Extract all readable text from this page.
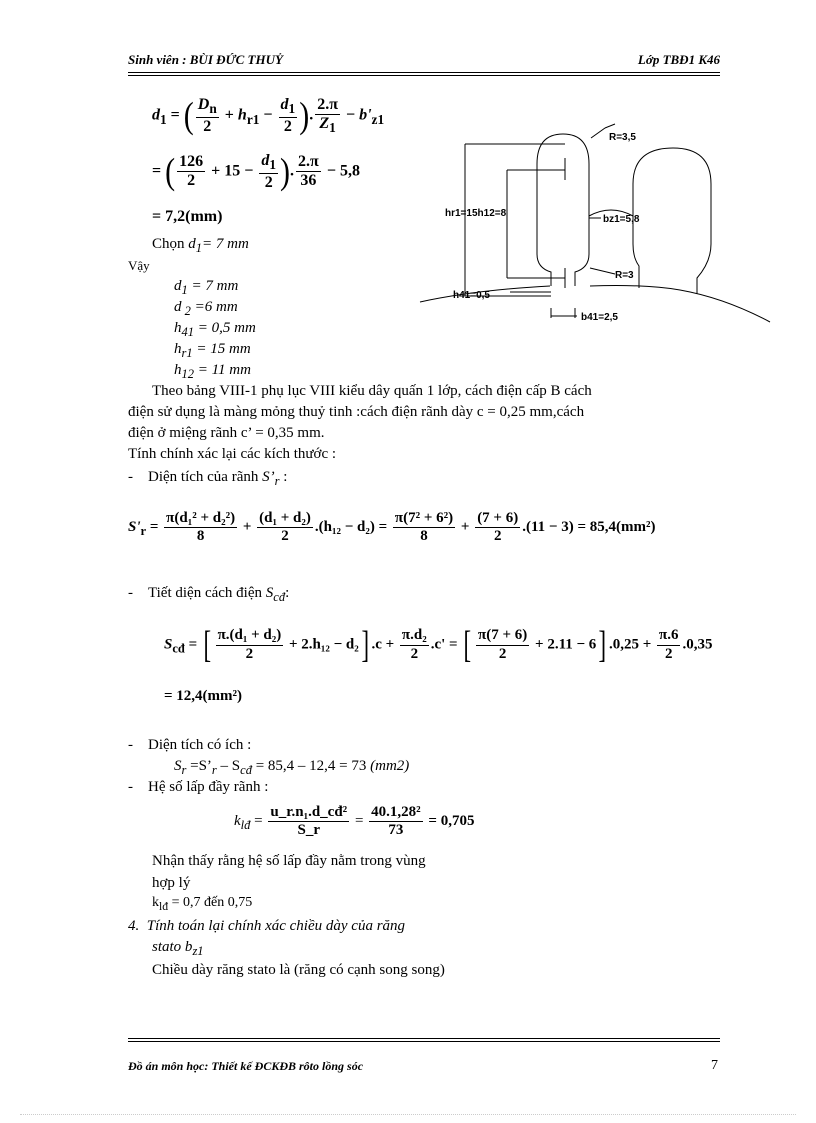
Sinh viên : BÙI ĐỨC THUỶ	Lớp TBĐ1 K46
$d_1$ = ( $\frac{D_n}{2} + h_{r1} - \frac{d_1}{2}$ ). $\frac{2.\pi}{Z_1} - b'_{z1}$
= ( $\frac{126}{2} + 15 - \frac{d_1}{2}$ ). $\frac{2.\pi}{36} - 5,8$
= 7,2(mm)
Chọn $d_1= 7$ mm
Vậy
$d_1 = 7$ mm
d $_2$ =6 mm
$h_{41} = 0,5$ mm
$h_{r1} = 15$ mm
$h_{12} = 11$ mm
R=3,5
hr1=15h12=8
bz1=5,8
R=3
h41=0,5
b41=2,5
Theo bảng VIII-1 phụ lục VIII kiểu dây quấn 1 lớp, cách điện cấp B cách
điện sử dụng là màng mỏng thuỷ tinh :cách điện rãnh dày c = 0,25 mm,cách
điện ở miệng rãnh c’ = 0,35 mm.
Tính chính xác lại các kích thước :
- Diện tích của rãnh $S’_r$ :
$S'_r = \frac{\text{π(d₁² + d₂²)}}{8} + \frac{\text{(d₁ + d₂)}}{2} .(h_{12} - d_2) = \frac{\text{π(7² + 6²)}}{8} + \frac{(7 + 6)}{2} .(11 - 3) = 85,4(mm^2)$
- Tiết diện cách điện $S_{cđ}$:
$S_{cđ}$ = [ $\frac{\text{π.(d₁ + d₂)}}{2} + 2.h_{12} - d_2$] $.c + \frac{\text{π.d₂}}{2} .c'$ = [ $\frac{\pi(7 + 6)}{2} + 2.11 - 6$] $.0,25 + \frac{\pi.6}{2} .0,35$
= 12,4(mm²)
- Diện tích có ích :
$S_r$ $=S’_r - S_{cđ} = 85,4 - 12,4 = 73$ (mm2)
- Hệ số lấp đầy rãnh :
$k_{lđ} = \frac{\text{u\_r.n₁.d\_cđ²}}{S\_r} = \frac{\text{40.1,28²}}{73} = 0,705$
Nhận thấy rằng hệ số lấp đầy nằm trong vùng
hợp lý
$k_{lđ} = 0,7$ đến 0,75
4. Tính toán lại chính xác chiều dày của răng
stato $b_{z1}$
Chiều dày răng stato là (răng có cạnh song song)
Đồ án môn học: Thiết kế ĐCKĐB rôto lồng sóc	7
